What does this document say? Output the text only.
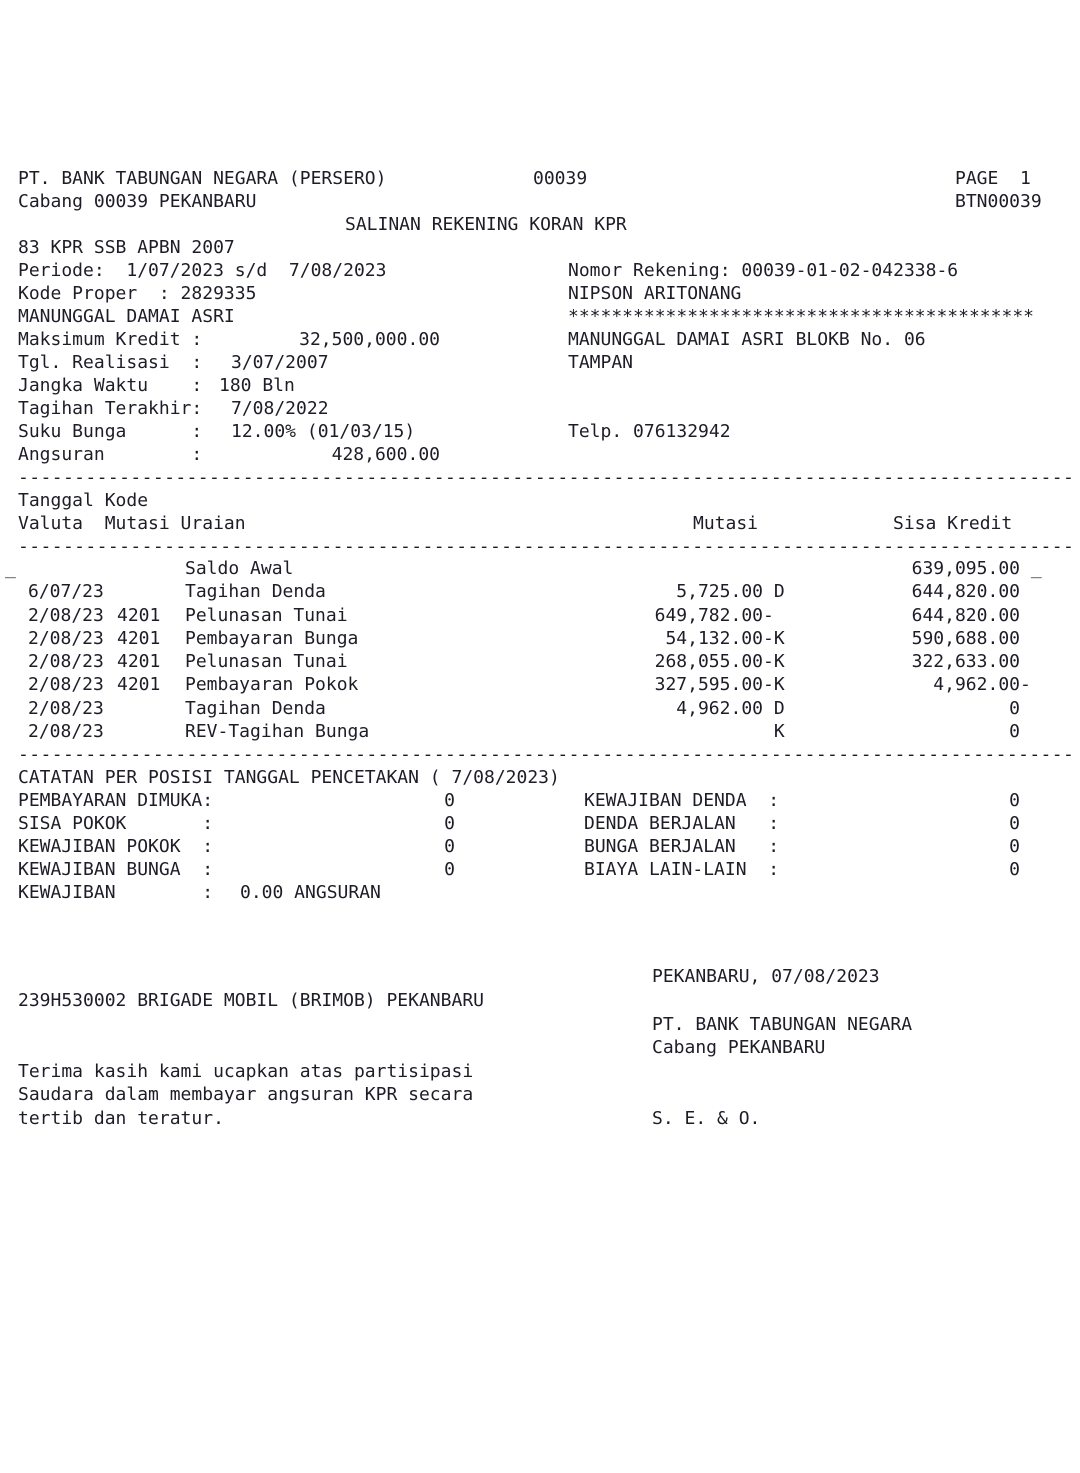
PT. BANK TABUNGAN NEGARA (PERSERO)	00039	PAGE  1
Cabang 00039 PEKANBARU	BTN00039
SALINAN REKENING KORAN KPR
83 KPR SSB APBN 2007
Periode:  1/07/2023 s/d  7/08/2023
Kode Proper  : 2829335
MANUNGGAL DAMAI ASRI
Maksimum Kredit :	32,500,000.00
Tgl. Realisasi  : 3/07/2007
Jangka Waktu    : 180 Bln
Tagihan Terakhir: 7/08/2022
Suku Bunga      : 12.00% (01/03/15)
Angsuran        :	428,600.00
Nomor Rekening: 00039-01-02-042338-6
NIPSON ARITONANG
*******************************************
MANUNGGAL DAMAI ASRI BLOKB No. 06
TAMPAN
Telp. 076132942
----------------------------------------------------------------------------------------------
Tanggal Kode
Valuta  Mutasi Uraian	Mutasi	Sisa Kredit
----------------------------------------------------------------------------------------------
_	Saldo Awal	639,095.00 _
6/07/23	Tagihan Denda	5,725.00 D	644,820.00
2/08/23 4201 Pelunasan Tunai	649,782.00 -	644,820.00
2/08/23 4201 Pembayaran Bunga	54,132.00 -K	590,688.00
2/08/23 4201 Pelunasan Tunai	268,055.00 -K	322,633.00
2/08/23 4201 Pembayaran Pokok	327,595.00 -K	4,962.00 -
2/08/23	Tagihan Denda	4,962.00 D	0
2/08/23	REV-Tagihan Bunga	K	0
----------------------------------------------------------------------------------------------
CATATAN PER POSISI TANGGAL PENCETAKAN ( 7/08/2023)
PEMBAYARAN DIMUKA:	0	KEWAJIBAN DENDA  :	0
SISA POKOK       :	0	DENDA BERJALAN   :	0
KEWAJIBAN POKOK  :	0	BUNGA BERJALAN   :	0
KEWAJIBAN BUNGA  :	0	BIAYA LAIN-LAIN  :	0
KEWAJIBAN        : 0.00 ANGSURAN
PEKANBARU, 07/08/2023
239H530002 BRIGADE MOBIL (BRIMOB) PEKANBARU
PT. BANK TABUNGAN NEGARA
Cabang PEKANBARU
Terima kasih kami ucapkan atas partisipasi
Saudara dalam membayar angsuran KPR secara
tertib dan teratur.	S. E. & O.
